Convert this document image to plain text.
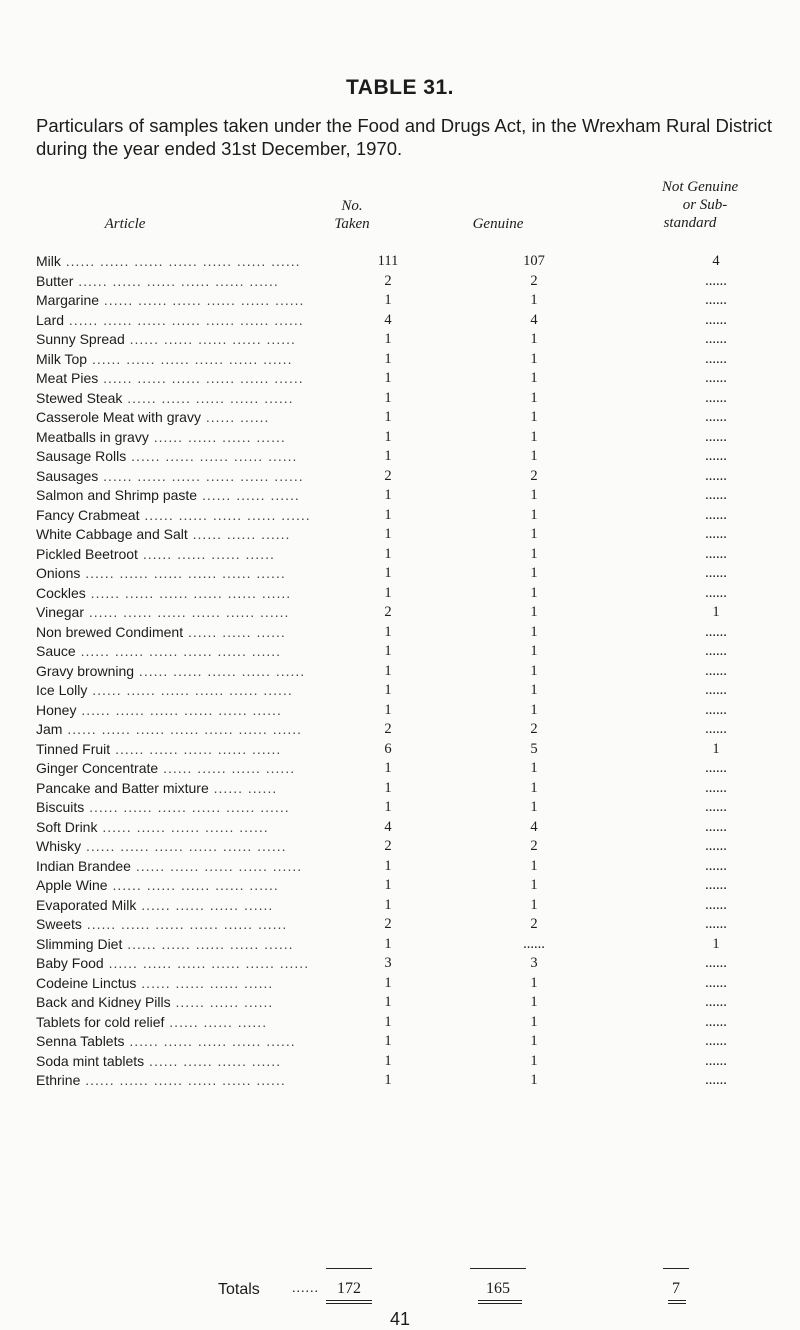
TABLE 31.
Particulars of samples taken under the Food and Drugs Act, in the Wrexham Rural District during the year ended 31st December, 1970.
Article
No.
Taken	Genuine
Not Genuine
or Sub-
standard
Milk ...... ...... ...... ...... ...... ...... ......	111	107	4
Butter ...... ...... ...... ...... ...... ......	2	2	......
Margarine ...... ...... ...... ...... ...... ......	1	1	......
Lard ...... ...... ...... ...... ...... ...... ......	4	4	......
Sunny Spread ...... ...... ...... ...... ......	1	1	......
Milk Top ...... ...... ...... ...... ...... ......	1	1	......
Meat Pies ...... ...... ...... ...... ...... ......	1	1	......
Stewed Steak ...... ...... ...... ...... ......	1	1	......
Casserole Meat with gravy ...... ......	1	1	......
Meatballs in gravy ...... ...... ...... ......	1	1	......
Sausage Rolls ...... ...... ...... ...... ......	1	1	......
Sausages ...... ...... ...... ...... ...... ......	2	2	......
Salmon and Shrimp paste ...... ...... ......	1	1	......
Fancy Crabmeat ...... ...... ...... ...... ......	1	1	......
White Cabbage and Salt ...... ...... ......	1	1	......
Pickled Beetroot ...... ...... ...... ......	1	1	......
Onions ...... ...... ...... ...... ...... ......	1	1	......
Cockles ...... ...... ...... ...... ...... ......	1	1	......
Vinegar ...... ...... ...... ...... ...... ......	2	1	1
Non brewed Condiment ...... ...... ......	1	1	......
Sauce ...... ...... ...... ...... ...... ......	1	1	......
Gravy browning ...... ...... ...... ...... ......	1	1	......
Ice Lolly ...... ...... ...... ...... ...... ......	1	1	......
Honey ...... ...... ...... ...... ...... ......	1	1	......
Jam ...... ...... ...... ...... ...... ...... ......	2	2	......
Tinned Fruit ...... ...... ...... ...... ......	6	5	1
Ginger Concentrate ...... ...... ...... ......	1	1	......
Pancake and Batter mixture ...... ......	1	1	......
Biscuits ...... ...... ...... ...... ...... ......	1	1	......
Soft Drink ...... ...... ...... ...... ......	4	4	......
Whisky ...... ...... ...... ...... ...... ......	2	2	......
Indian Brandee ...... ...... ...... ...... ......	1	1	......
Apple Wine ...... ...... ...... ...... ......	1	1	......
Evaporated Milk ...... ...... ...... ......	1	1	......
Sweets ...... ...... ...... ...... ...... ......	2	2	......
Slimming Diet ...... ...... ...... ...... ......	1	......	1
Baby Food ...... ...... ...... ...... ...... ......	3	3	......
Codeine Linctus ...... ...... ...... ......	1	1	......
Back and Kidney Pills ...... ...... ......	1	1	......
Tablets for cold relief ...... ...... ......	1	1	......
Senna Tablets ...... ...... ...... ...... ......	1	1	......
Soda mint tablets ...... ...... ...... ......	1	1	......
Ethrine ...... ...... ...... ...... ...... ......	1	1	......
Totals ......	172	165	7
41
